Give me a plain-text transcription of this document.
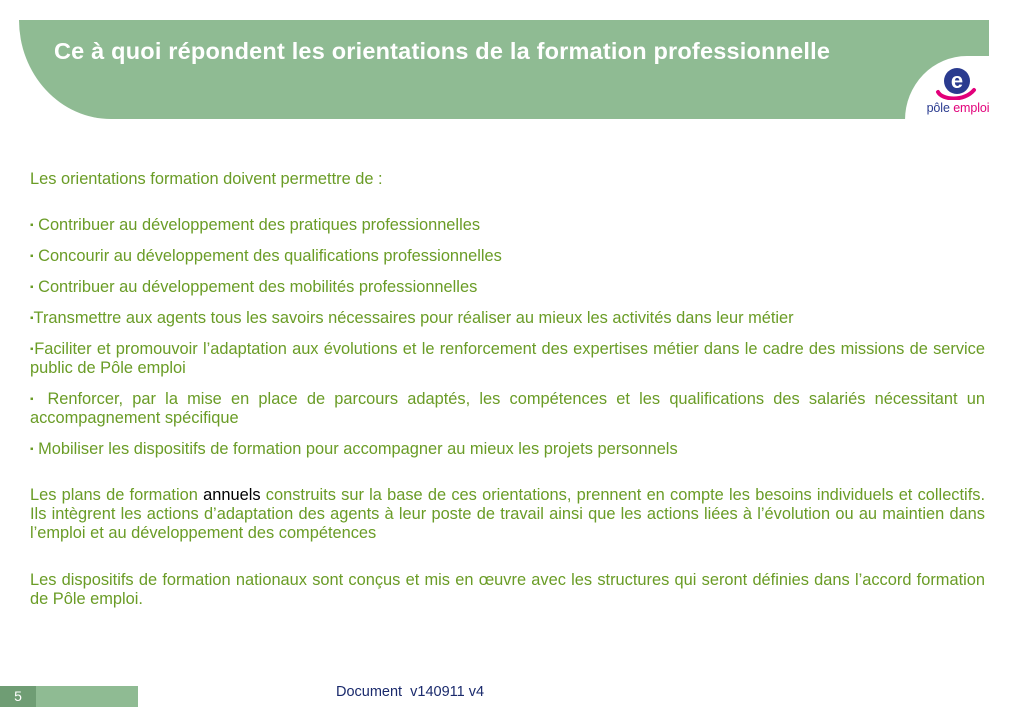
Ce à quoi répondent les orientations de la formation professionnelle
e
pôle emploi

Les orientations formation doivent permettre de :

▪ Contribuer au développement des pratiques professionnelles

▪ Concourir au développement des qualifications professionnelles

▪ Contribuer au développement des mobilités professionnelles

▪Transmettre aux agents tous les savoirs nécessaires pour réaliser au mieux les activités dans leur métier

▪Faciliter et promouvoir l’adaptation aux évolutions et le renforcement des expertises métier dans le cadre des missions de service public de Pôle emploi

▪ Renforcer, par la mise en place de parcours adaptés, les compétences et les qualifications des salariés nécessitant un accompagnement spécifique

▪ Mobiliser les dispositifs de formation pour accompagner au mieux les projets personnels

Les plans de formation annuels construits sur la base de ces orientations, prennent en compte les besoins individuels et collectifs. Ils intègrent les actions d’adaptation des agents à leur poste de travail ainsi que les actions liées à l’évolution ou au maintien dans l’emploi et au développement des compétences

Les dispositifs de formation nationaux sont conçus et mis en œuvre avec les structures qui seront définies dans l’accord formation de Pôle emploi.

5	Document  v140911 v4
